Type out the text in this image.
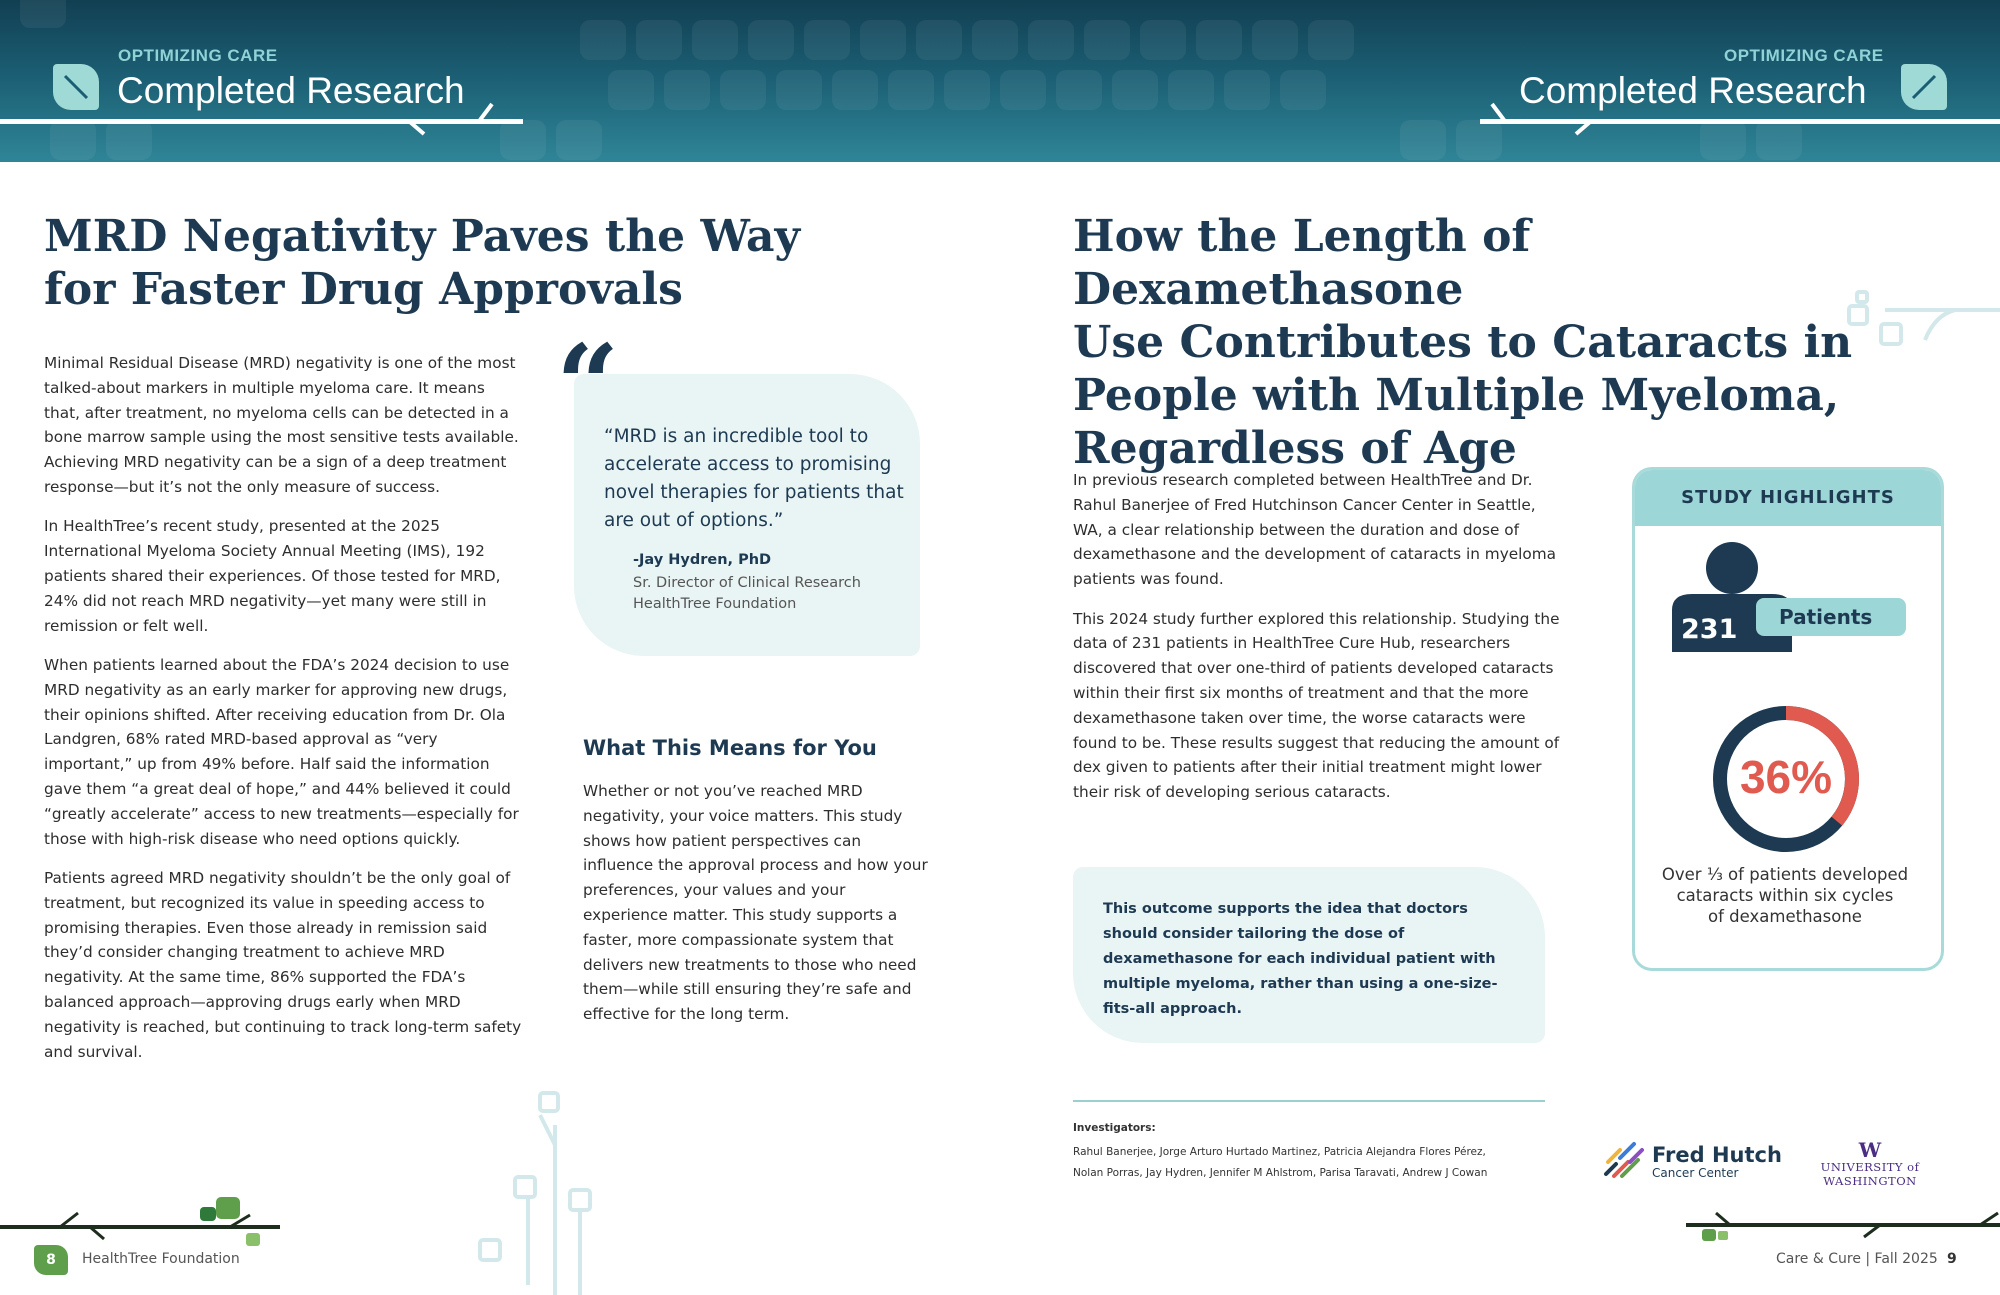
OPTIMIZING CARE
Completed Research
OPTIMIZING CARE
Completed Research
MRD Negativity Paves the Way
for Faster Drug Approvals

Minimal Residual Disease (MRD) negativity is one of the most talked-about markers in multiple myeloma care. It means that, after treatment, no myeloma cells can be detected in a bone marrow sample using the most sensitive tests available. Achieving MRD negativity can be a sign of a deep treatment response—but it’s not the only measure of success.

In HealthTree’s recent study, presented at the 2025 International Myeloma Society Annual Meeting (IMS), 192 patients shared their experiences. Of those tested for MRD, 24% did not reach MRD negativity—yet many were still in remission or felt well.

When patients learned about the FDA’s 2024 decision to use MRD negativity as an early marker for approving new drugs, their opinions shifted. After receiving education from Dr. Ola Landgren, 68% rated MRD-based approval as “very important,” up from 49% before. Half said the information gave them “a great deal of hope,” and 44% believed it could “greatly accelerate” access to new treatments—especially for those with high-risk disease who need options quickly.

Patients agreed MRD negativity shouldn’t be the only goal of treatment, but recognized its value in speeding access to promising therapies. Even those already in remission said they’d consider changing treatment to achieve MRD negativity. At the same time, 86% supported the FDA’s balanced approach—approving drugs early when MRD negativity is reached, but continuing to track long-term safety and survival.

“
“MRD is an incredible tool to accelerate access to promising novel therapies for patients that are out of options.”
-Jay Hydren, PhD
Sr. Director of Clinical Research
HealthTree Foundation
What This Means for You
Whether or not you’ve reached MRD negativity, your voice matters. This study shows how patient perspectives can influence the approval process and how your preferences, your values and your experience matter. This study supports a faster, more compassionate system that delivers new treatments to those who need them—while still ensuring they’re safe and effective for the long term.
8	HealthTree Foundation
How the Length of Dexamethasone
Use Contributes to Cataracts in
People with Multiple Myeloma,
Regardless of Age

In previous research completed between HealthTree and Dr. Rahul Banerjee of Fred Hutchinson Cancer Center in Seattle, WA, a clear relationship between the duration and dose of dexamethasone and the development of cataracts in myeloma patients was found.

This 2024 study further explored this relationship. Studying the data of 231 patients in HealthTree Cure Hub, researchers discovered that over one-third of patients developed cataracts within their first six months of treatment and that the more dexamethasone taken over time, the worse cataracts were found to be. These results suggest that reducing the amount of dex given to patients after their initial treatment might lower their risk of developing serious cataracts.

This outcome supports the idea that doctors should consider tailoring the dose of dexamethasone for each individual patient with multiple myeloma, rather than using a one-size-fits-all approach.
STUDY HIGHLIGHTS
231 Patients
36%
Over ⅓ of patients developed
cataracts within six cycles
of dexamethasone
Investigators:
Rahul Banerjee, Jorge Arturo Hurtado Martinez, Patricia Alejandra Flores Pérez,
Nolan Porras, Jay Hydren, Jennifer M Ahlstrom, Parisa Taravati, Andrew J Cowan
Fred Hutch
Cancer Center
W
UNIVERSITY of WASHINGTON
Care & Cure | Fall 2025 9
